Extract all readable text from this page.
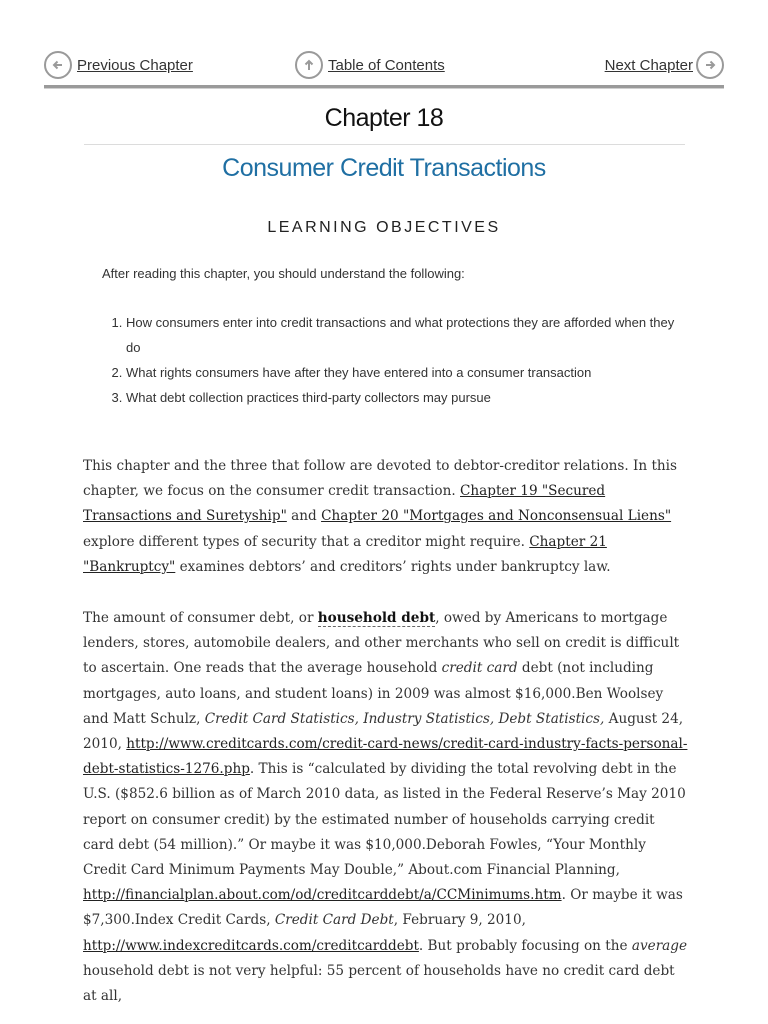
Previous Chapter	Table of Contents	Next Chapter
Chapter 18
Consumer Credit Transactions
LEARNING OBJECTIVES
After reading this chapter, you should understand the following:
1. How consumers enter into credit transactions and what protections they are afforded when they do
2. What rights consumers have after they have entered into a consumer transaction
3. What debt collection practices third-party collectors may pursue

This chapter and the three that follow are devoted to debtor-creditor relations. In this chapter, we focus on the consumer credit transaction. Chapter 19 "Secured Transactions and Suretyship" and Chapter 20 "Mortgages and Nonconsensual Liens" explore different types of security that a creditor might require. Chapter 21 "Bankruptcy" examines debtors’ and creditors’ rights under bankruptcy law.

The amount of consumer debt, or household debt, owed by Americans to mortgage lenders, stores, automobile dealers, and other merchants who sell on credit is difficult to ascertain. One reads that the average household credit card debt (not including mortgages, auto loans, and student loans) in 2009 was almost $16,000.Ben Woolsey and Matt Schulz, Credit Card Statistics, Industry Statistics, Debt Statistics, August 24, 2010, http://www.creditcards.com/credit-card-news/credit-card-industry-facts-personal-debt-statistics-1276.php. This is “calculated by dividing the total revolving debt in the U.S. ($852.6 billion as of March 2010 data, as listed in the Federal Reserve’s May 2010 report on consumer credit) by the estimated number of households carrying credit card debt (54 million).” Or maybe it was $10,000.Deborah Fowles, “Your Monthly Credit Card Minimum Payments May Double,” About.com Financial Planning, http://financialplan.about.com/od/creditcarddebt/a/CCMinimums.htm. Or maybe it was $7,300.Index Credit Cards, Credit Card Debt, February 9, 2010, http://www.indexcreditcards.com/creditcarddebt. But probably focusing on the average household debt is not very helpful: 55 percent of households have no credit card debt at all,
